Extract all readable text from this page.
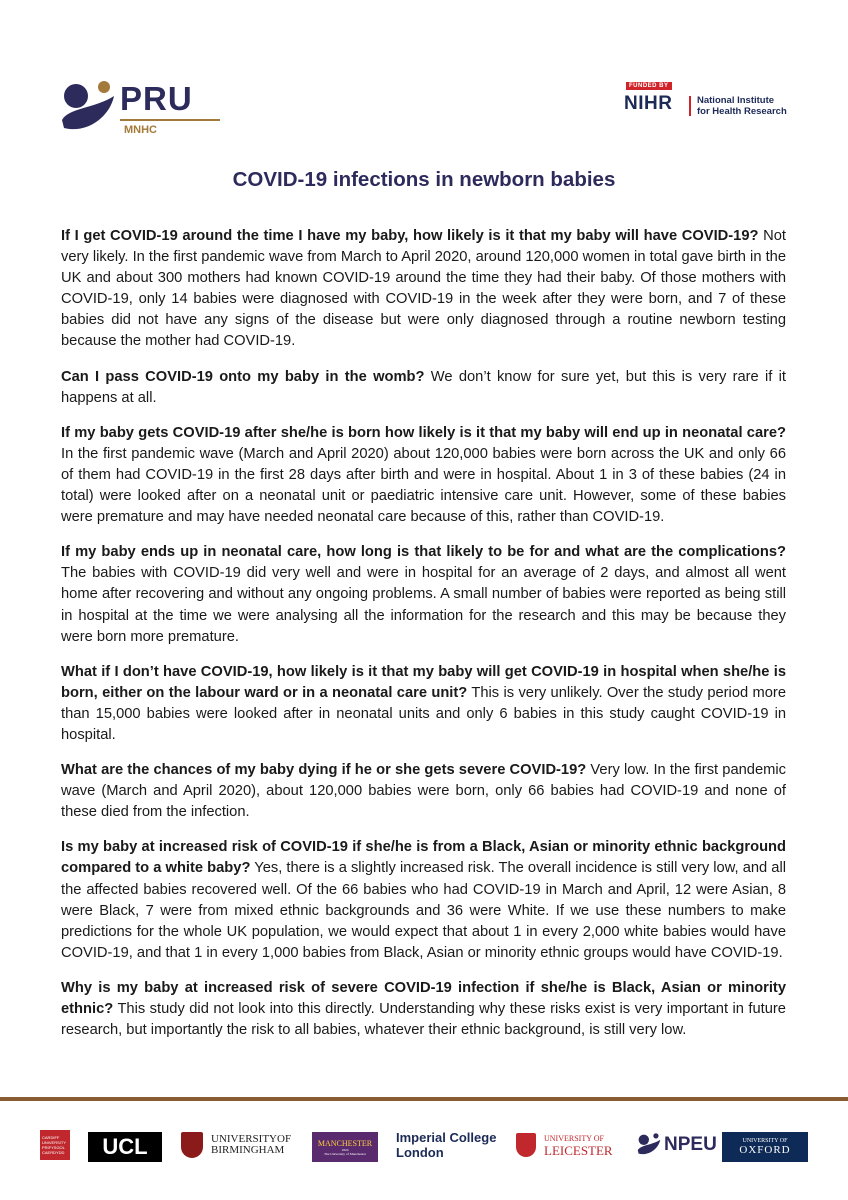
PRU
MNHC
FUNDED BY
NIHR	National Institute
for Health Research
COVID-19 infections in newborn babies

If I get COVID-19 around the time I have my baby, how likely is it that my baby will have COVID-19? Not very likely. In the first pandemic wave from March to April 2020, around 120,000 women in total gave birth in the UK and about 300 mothers had known COVID-19 around the time they had their baby. Of those mothers with COVID-19, only 14 babies were diagnosed with COVID-19 in the week after they were born, and 7 of these babies did not have any signs of the disease but were only diagnosed through a routine newborn testing because the mother had COVID-19.

Can I pass COVID-19 onto my baby in the womb? We don’t know for sure yet, but this is very rare if it happens at all.

If my baby gets COVID-19 after she/he is born how likely is it that my baby will end up in neonatal care? In the first pandemic wave (March and April 2020) about 120,000 babies were born across the UK and only 66 of them had COVID-19 in the first 28 days after birth and were in hospital. About 1 in 3 of these babies (24 in total) were looked after on a neonatal unit or paediatric intensive care unit. However, some of these babies were premature and may have needed neonatal care because of this, rather than COVID-19.

If my baby ends up in neonatal care, how long is that likely to be for and what are the complications? The babies with COVID-19 did very well and were in hospital for an average of 2 days, and almost all went home after recovering and without any ongoing problems. A small number of babies were reported as being still in hospital at the time we were analysing all the information for the research and this may be because they were born more premature.

What if I don’t have COVID-19, how likely is it that my baby will get COVID-19 in hospital when she/he is born, either on the labour ward or in a neonatal care unit? This is very unlikely. Over the study period more than 15,000 babies were looked after in neonatal units and only 6 babies in this study caught COVID-19 in hospital.

What are the chances of my baby dying if he or she gets severe COVID-19? Very low. In the first pandemic wave (March and April 2020), about 120,000 babies were born, only 66 babies had COVID-19 and none of these died from the infection.

Is my baby at increased risk of COVID-19 if she/he is from a Black, Asian or minority ethnic background compared to a white baby? Yes, there is a slightly increased risk. The overall incidence is still very low, and all the affected babies recovered well. Of the 66 babies who had COVID-19 in March and April, 12 were Asian, 8 were Black, 7 were from mixed ethnic backgrounds and 36 were White. If we use these numbers to make predictions for the whole UK population, we would expect that about 1 in every 2,000 white babies would have COVID-19, and that 1 in every 1,000 babies from Black, Asian or minority ethnic groups would have COVID-19.

Why is my baby at increased risk of severe COVID-19 infection if she/he is Black, Asian or minority ethnic? This study did not look into this directly. Understanding why these risks exist is very important in future research, but importantly the risk to all babies, whatever their ethnic background, is still very low.

CARDIFF UNIVERSITY PRIFYSGOL CAERDYDD UCL	UNIVERSITYOF
BIRMINGHAM
MANCHESTER
1824
The University of Manchester
Imperial College
London
UNIVERSITY OF
LEICESTER	NPEU	UNIVERSITY OF
OXFORD
